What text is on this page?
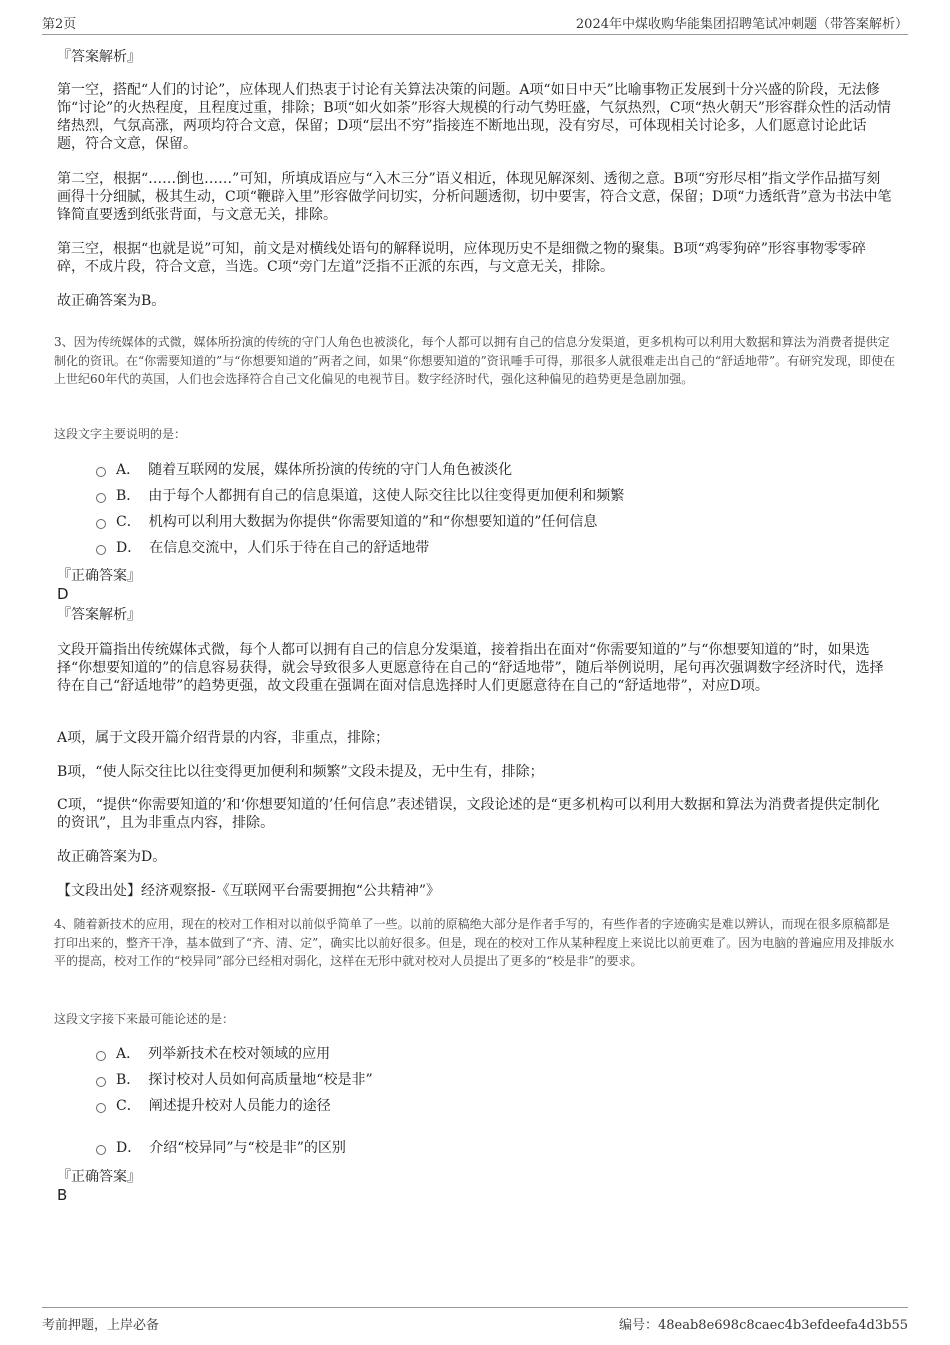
第2页	2024年中煤收购华能集团招聘笔试冲刺题（带答案解析）

『答案解析』

第一空，搭配“人们的讨论”，应体现人们热衷于讨论有关算法决策的问题。A项“如日中天”比喻事物正发展到十分兴盛的阶段，无法修饰“讨论”的火热程度，且程度过重，排除；B项“如火如荼”形容大规模的行动气势旺盛，气氛热烈，C项“热火朝天”形容群众性的活动情绪热烈，气氛高涨，两项均符合文意，保留；D项“层出不穷”指接连不断地出现，没有穷尽，可体现相关讨论多，人们愿意讨论此话题，符合文意，保留。

第二空，根据“……倒也……”可知，所填成语应与“入木三分”语义相近，体现见解深刻、透彻之意。B项“穷形尽相”指文学作品描写刻画得十分细腻，极其生动，C项“鞭辟入里”形容做学问切实，分析问题透彻，切中要害，符合文意，保留；D项“力透纸背”意为书法中笔锋简直要透到纸张背面，与文意无关，排除。

第三空，根据“也就是说”可知，前文是对横线处语句的解释说明，应体现历史不是细微之物的聚集。B项“鸡零狗碎”形容事物零零碎碎，不成片段，符合文意，当选。C项“旁门左道”泛指不正派的东西，与文意无关，排除。

故正确答案为B。

3、因为传统媒体的式微，媒体所扮演的传统的守门人角色也被淡化，每个人都可以拥有自己的信息分发渠道，更多机构可以利用大数据和算法为消费者提供定制化的资讯。在“你需要知道的”与“你想要知道的”两者之间，如果“你想要知道的”资讯唾手可得，那很多人就很难走出自己的“舒适地带”。有研究发现，即使在上世纪60年代的英国，人们也会选择符合自己文化偏见的电视节目。数字经济时代，强化这种偏见的趋势更是急剧加强。

这段文字主要说明的是：

A． 随着互联网的发展，媒体所扮演的传统的守门人角色被淡化
B． 由于每个人都拥有自己的信息渠道，这使人际交往比以往变得更加便利和频繁
C． 机构可以利用大数据为你提供“你需要知道的”和“你想要知道的”任何信息
D． 在信息交流中，人们乐于待在自己的舒适地带

『正确答案』

D

『答案解析』

文段开篇指出传统媒体式微，每个人都可以拥有自己的信息分发渠道，接着指出在面对“你需要知道的”与“你想要知道的”时，如果选择“你想要知道的”的信息容易获得，就会导致很多人更愿意待在自己的“舒适地带”，随后举例说明，尾句再次强调数字经济时代，选择待在自己“舒适地带”的趋势更强，故文段重在强调在面对信息选择时人们更愿意待在自己的“舒适地带”，对应D项。

A项，属于文段开篇介绍背景的内容，非重点，排除；

B项，“使人际交往比以往变得更加便利和频繁”文段未提及，无中生有，排除；

C项，“提供“你需要知道的’和‘你想要知道的’任何信息”表述错误，文段论述的是“更多机构可以利用大数据和算法为消费者提供定制化的资讯”，且为非重点内容，排除。

故正确答案为D。

【文段出处】经济观察报-《互联网平台需要拥抱“公共精神”》

4、随着新技术的应用，现在的校对工作相对以前似乎简单了一些。以前的原稿绝大部分是作者手写的，有些作者的字迹确实是难以辨认，而现在很多原稿都是打印出来的，整齐干净，基本做到了“齐、清、定”，确实比以前好很多。但是，现在的校对工作从某种程度上来说比以前更难了。因为电脑的普遍应用及排版水平的提高，校对工作的“校异同”部分已经相对弱化，这样在无形中就对校对人员提出了更多的“校是非”的要求。

这段文字接下来最可能论述的是：

A． 列举新技术在校对领域的应用
B． 探讨校对人员如何高质量地“校是非”
C． 阐述提升校对人员能力的途径
D． 介绍“校异同”与“校是非”的区别

『正确答案』

B

考前押题，上岸必备	编号：48eab8e698c8caec4b3efdeefa4d3b55
